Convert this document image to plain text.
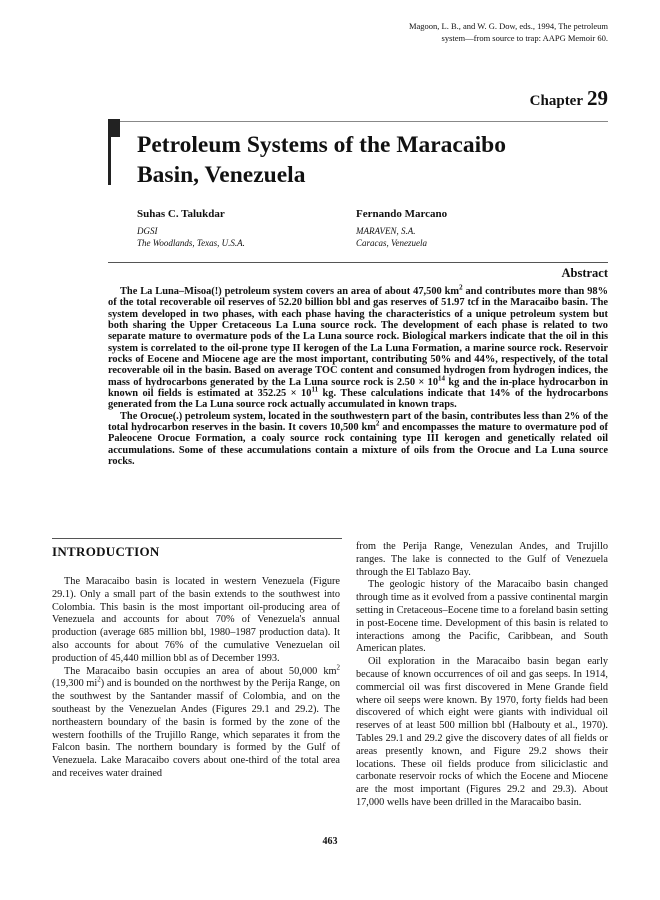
Magoon, L. B., and W. G. Dow, eds., 1994, The petroleum
system—from source to trap: AAPG Memoir 60.
Chapter 29
Petroleum Systems of the Maracaibo
Basin, Venezuela
Suhas C. Talukdar
DGSI
The Woodlands, Texas, U.S.A.
Fernando Marcano
MARAVEN, S.A.
Caracas, Venezuela
Abstract

The La Luna–Misoa(!) petroleum system covers an area of about 47,500 $km^2$ and contributes more than 98% of the total recoverable oil reserves of 52.20 billion bbl and gas reserves of 51.97 tcf in the Maracaibo basin. The system developed in two phases, with each phase having the characteristics of a unique petroleum system but both sharing the Upper Cretaceous La Luna source rock. The development of each phase is related to two separate mature to overmature pods of the La Luna source rock. Biological markers indicate that the oil in this system is correlated to the oil-prone type II kerogen of the La Luna Formation, a marine source rock. Reservoir rocks of Eocene and Miocene age are the most important, contributing 50% and 44%, respectively, of the total recoverable oil in the basin. Based on average TOC content and consumed hydrogen from hydrogen indices, the mass of hydrocarbons generated by the La Luna source rock is $2.50 \times 10^{14}$ kg and the in-place hydrocarbon in known oil fields is estimated at $352.25 \times 10^{11}$ kg. These calculations indicate that 14% of the hydrocarbons generated from the La Luna source rock actually accumulated in known traps.

The Orocue(.) petroleum system, located in the southwestern part of the basin, contributes less than 2% of the total hydrocarbon reserves in the basin. It covers 10,500 $km^2$ and encompasses the mature to overmature pod of Paleocene Orocue Formation, a coaly source rock containing type III kerogen and genetically related oil accumulations. Some of these accumulations contain a mixture of oils from the Orocue and La Luna source rocks.

INTRODUCTION

The Maracaibo basin is located in western Venezuela (Figure 29.1). Only a small part of the basin extends to the southwest into Colombia. This basin is the most important oil-producing area of Venezuela and accounts for about 70% of Venezuela's annual production (average 685 million bbl, 1980–1987 production data). It also accounts for about 76% of the cumulative Venezuelan oil production of 45,440 million bbl as of December 1993.

The Maracaibo basin occupies an area of about 50,000 $km^2$ (19,300 $mi^2$) and is bounded on the northwest by the Perija Range, on the southwest by the Santander massif of Colombia, and on the southeast by the Venezuelan Andes (Figures 29.1 and 29.2). The northeastern boundary of the basin is formed by the zone of the western foothills of the Trujillo Range, which separates it from the Falcon basin. The northern boundary is formed by the Gulf of Venezuela. Lake Maracaibo covers about one-third of the total area and receives water drained

from the Perija Range, Venezulan Andes, and Trujillo ranges. The lake is connected to the Gulf of Venezuela through the El Tablazo Bay.

The geologic history of the Maracaibo basin changed through time as it evolved from a passive continental margin setting in Cretaceous–Eocene time to a foreland basin setting in post-Eocene time. Development of this basin is related to interactions among the Pacific, Caribbean, and South American plates.

Oil exploration in the Maracaibo basin began early because of known occurrences of oil and gas seeps. In 1914, commercial oil was first discovered in Mene Grande field where oil seeps were known. By 1970, forty fields had been discovered of which eight were giants with individual oil reserves of at least 500 million bbl (Halbouty et al., 1970). Tables 29.1 and 29.2 give the discovery dates of all fields or areas presently known, and Figure 29.2 shows their locations. These oil fields produce from siliciclastic and carbonate reservoir rocks of which the Eocene and Miocene are the most important (Figures 29.2 and 29.3). About 17,000 wells have been drilled in the Maracaibo basin.

463
